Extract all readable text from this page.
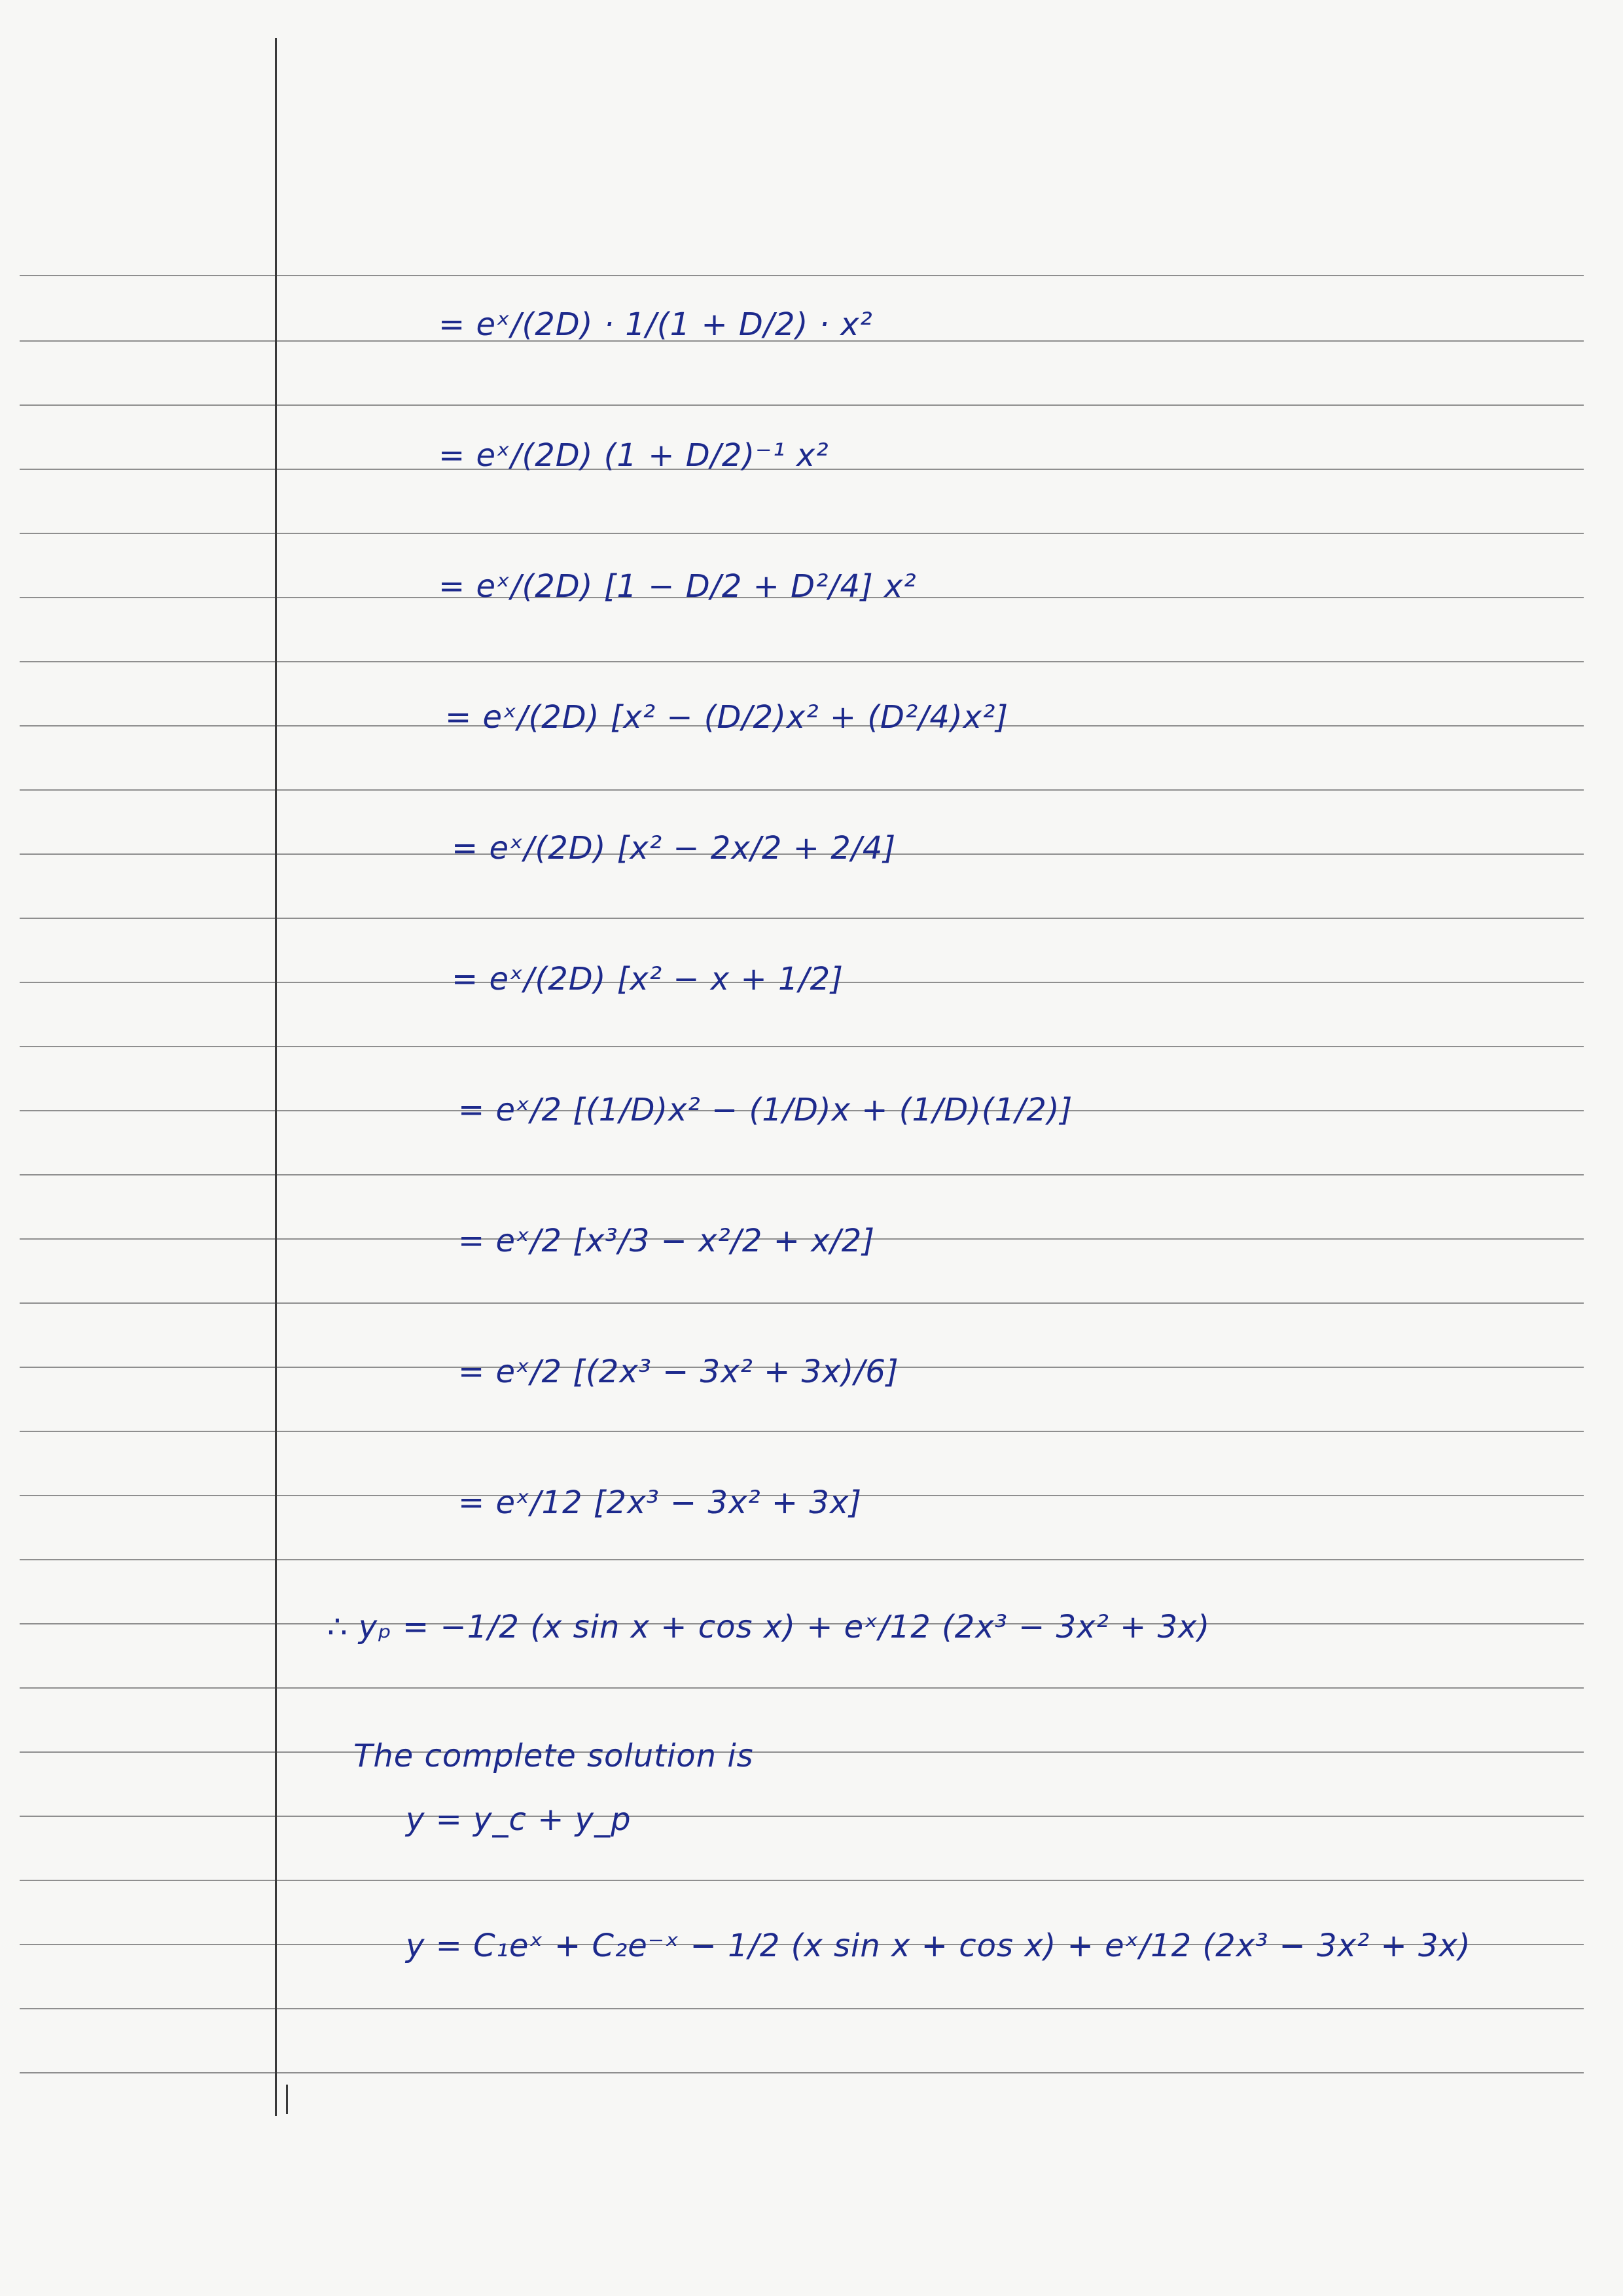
= eˣ/(2D) · 1/(1 + D/2) · x²
= eˣ/(2D) (1 + D/2)⁻¹ x²
= eˣ/(2D) [1 − D/2 + D²/4] x²
= eˣ/(2D) [x² − (D/2)x² + (D²/4)x²]
= eˣ/(2D) [x² − 2x/2 + 2/4]
= eˣ/(2D) [x² − x + 1/2]
= eˣ/2 [(1/D)x² − (1/D)x + (1/D)(1/2)]
= eˣ/2 [x³/3 − x²/2 + x/2]
= eˣ/2 [(2x³ − 3x² + 3x)/6]
= eˣ/12 [2x³ − 3x² + 3x]
∴ yₚ = −1/2 (x sin x + cos x) + eˣ/12 (2x³ − 3x² + 3x)
The complete solution is
y = y_c + y_p
y = C₁eˣ + C₂e⁻ˣ − 1/2 (x sin x + cos x) + eˣ/12 (2x³ − 3x² + 3x)
